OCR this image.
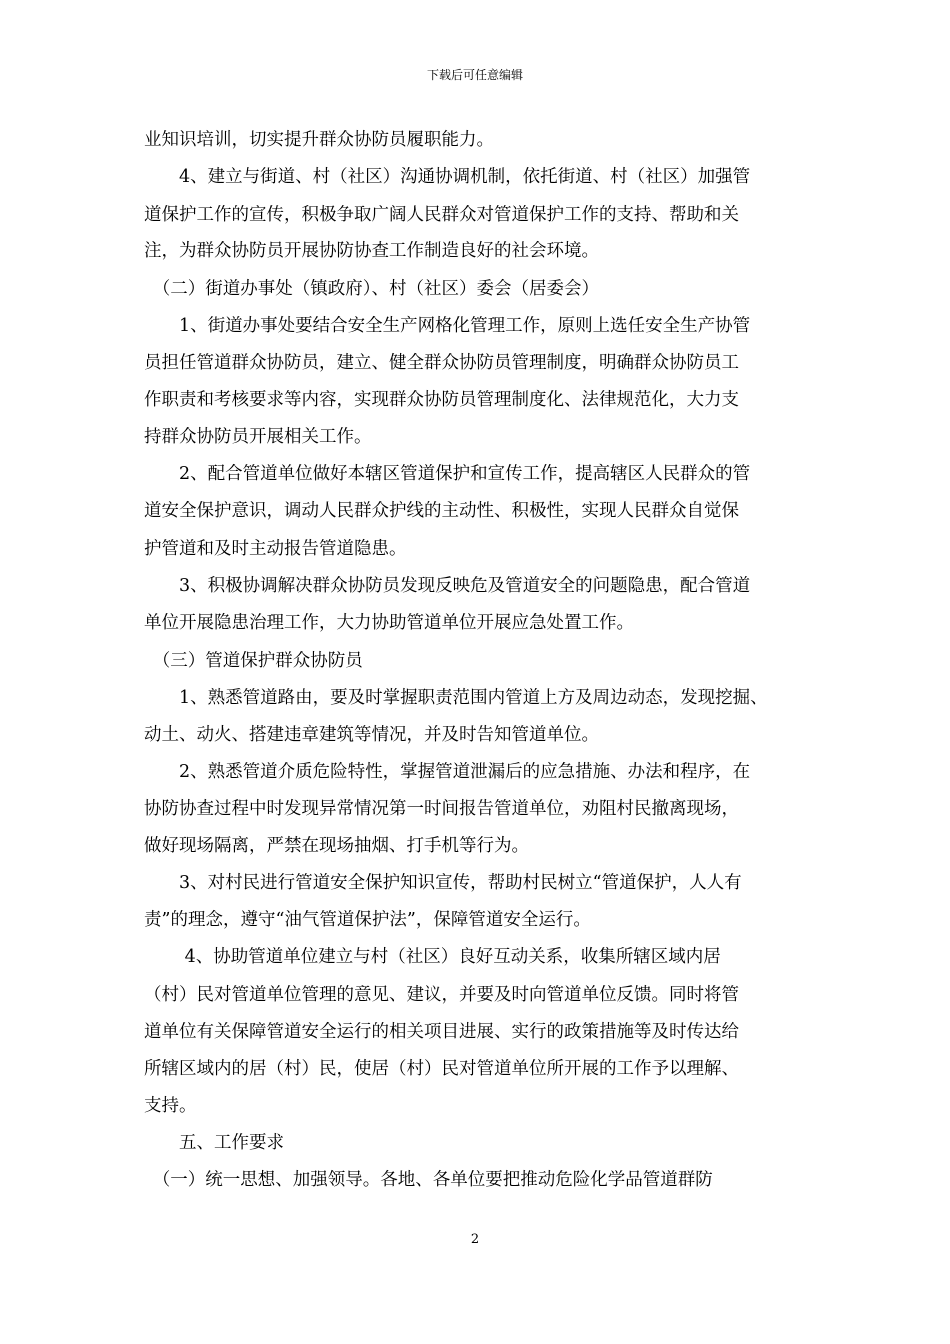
下载后可任意编辑
业知识培训，切实提升群众协防员履职能力。
　　4、建立与街道、村（社区）沟通协调机制，依托街道、村（社区）加强管
道保护工作的宣传，积极争取广阔人民群众对管道保护工作的支持、帮助和关
注，为群众协防员开展协防协查工作制造良好的社会环境。
　（二）街道办事处（镇政府）、村（社区）委会（居委会）
　　1、街道办事处要结合安全生产网格化管理工作，原则上选任安全生产协管
员担任管道群众协防员，建立、健全群众协防员管理制度，明确群众协防员工
作职责和考核要求等内容，实现群众协防员管理制度化、法律规范化，大力支
持群众协防员开展相关工作。
　　2、配合管道单位做好本辖区管道保护和宣传工作，提高辖区人民群众的管
道安全保护意识，调动人民群众护线的主动性、积极性，实现人民群众自觉保
护管道和及时主动报告管道隐患。
　　3、积极协调解决群众协防员发现反映危及管道安全的问题隐患，配合管道
单位开展隐患治理工作，大力协助管道单位开展应急处置工作。
　（三）管道保护群众协防员
　　1、熟悉管道路由，要及时掌握职责范围内管道上方及周边动态，发现挖掘、
动土、动火、搭建违章建筑等情况，并及时告知管道单位。
　　2、熟悉管道介质危险特性，掌握管道泄漏后的应急措施、办法和程序，在
协防协查过程中时发现异常情况第一时间报告管道单位，劝阻村民撤离现场，
做好现场隔离，严禁在现场抽烟、打手机等行为。
　　3、对村民进行管道安全保护知识宣传，帮助村民树立“管道保护，人人有
责”的理念，遵守“油气管道保护法”，保障管道安全运行。
　　 4、协助管道单位建立与村（社区）良好互动关系，收集所辖区域内居
（村）民对管道单位管理的意见、建议，并要及时向管道单位反馈。同时将管
道单位有关保障管道安全运行的相关项目进展、实行的政策措施等及时传达给
所辖区域内的居（村）民，使居（村）民对管道单位所开展的工作予以理解、
支持。
　　五、工作要求
　（一）统一思想、加强领导。各地、各单位要把推动危险化学品管道群防
2
